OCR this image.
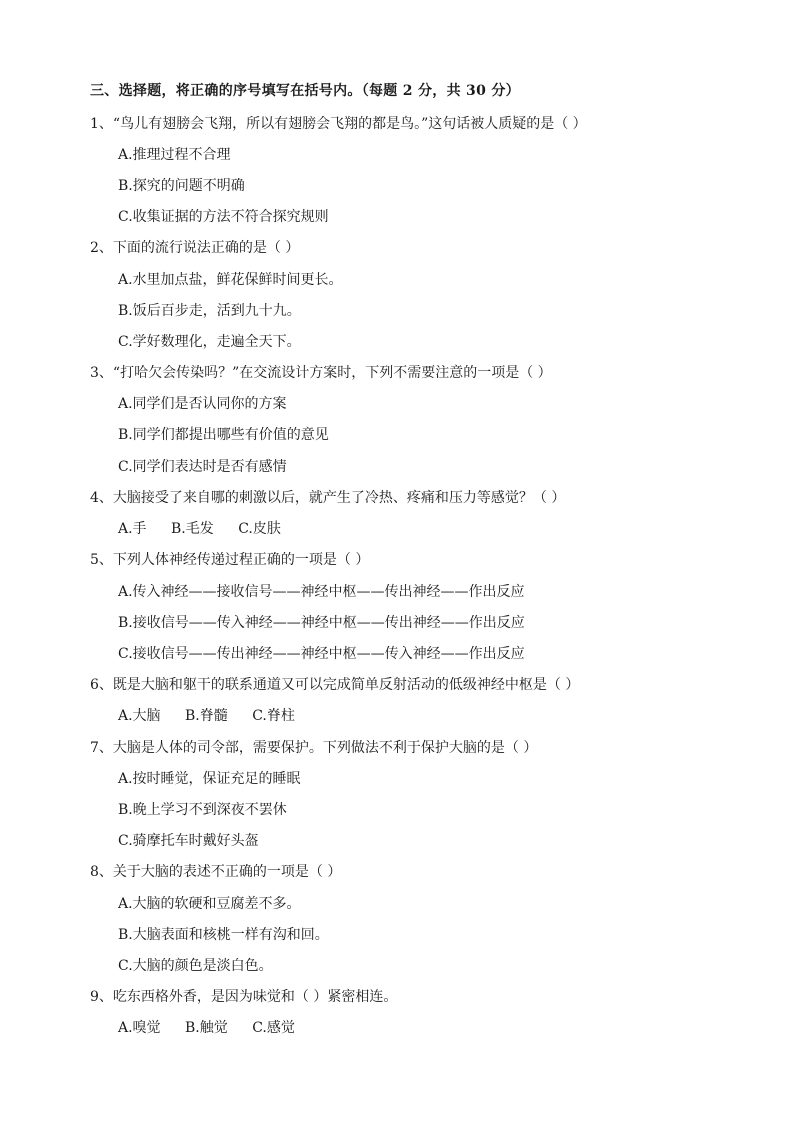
三、选择题，将正确的序号填写在括号内。（每题 2 分，共 30 分）
1、“鸟儿有翅膀会飞翔，所以有翅膀会飞翔的都是鸟。”这句话被人质疑的是（ ）
A.推理过程不合理
B.探究的问题不明确
C.收集证据的方法不符合探究规则
2、下面的流行说法正确的是（ ）
A.水里加点盐，鲜花保鲜时间更长。
B.饭后百步走，活到九十九。
C.学好数理化，走遍全天下。
3、“打哈欠会传染吗？”在交流设计方案时，下列不需要注意的一项是（ ）
A.同学们是否认同你的方案
B.同学们都提出哪些有价值的意见
C.同学们表达时是否有感情
4、大脑接受了来自哪的刺激以后，就产生了冷热、疼痛和压力等感觉？（ ）
A.手 B.毛发 C.皮肤
5、下列人体神经传递过程正确的一项是（ ）
A.传入神经——接收信号——神经中枢——传出神经——作出反应
B.接收信号——传入神经——神经中枢——传出神经——作出反应
C.接收信号——传出神经——神经中枢——传入神经——作出反应
6、既是大脑和躯干的联系通道又可以完成简单反射活动的低级神经中枢是（ ）
A.大脑 B.脊髓 C.脊柱
7、大脑是人体的司令部，需要保护。下列做法不利于保护大脑的是（ ）
A.按时睡觉，保证充足的睡眠
B.晚上学习不到深夜不罢休
C.骑摩托车时戴好头盔
8、关于大脑的表述不正确的一项是（ ）
A.大脑的软硬和豆腐差不多。
B.大脑表面和核桃一样有沟和回。
C.大脑的颜色是淡白色。
9、吃东西格外香，是因为味觉和（ ）紧密相连。
A.嗅觉 B.触觉 C.感觉
